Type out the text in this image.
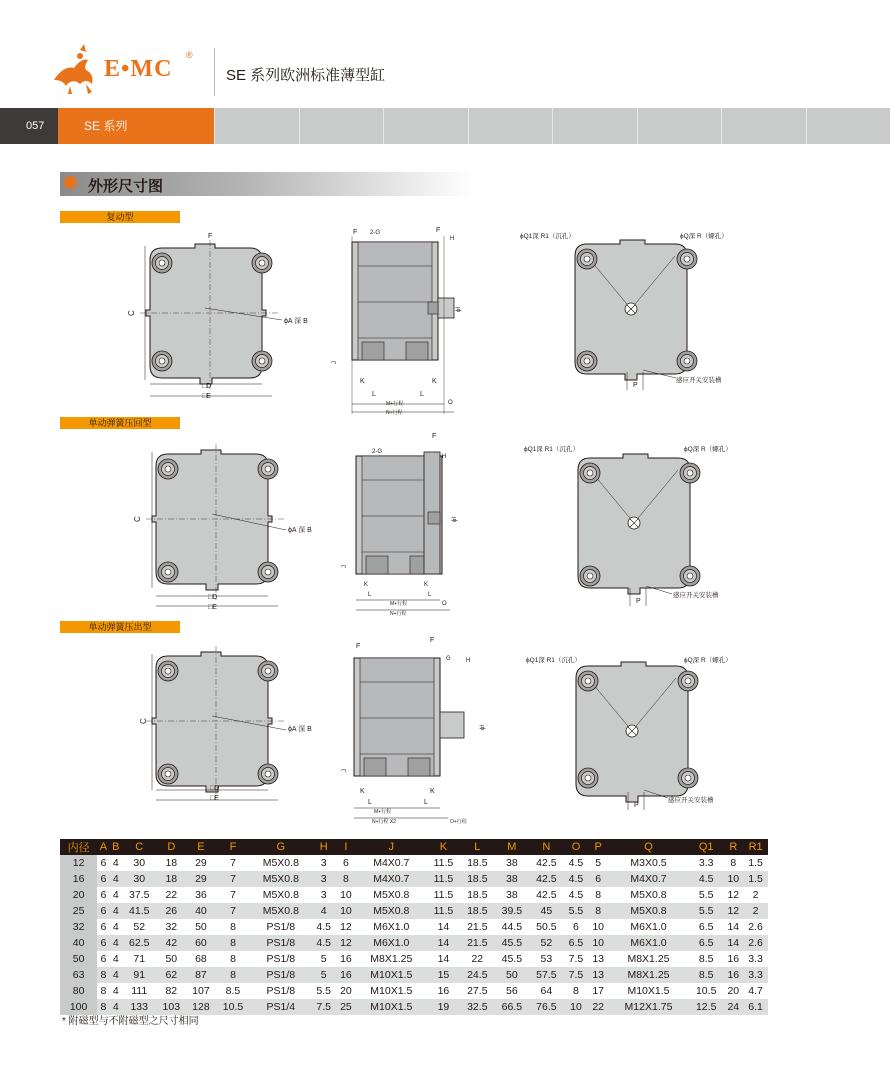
E•MC
®
SE 系列欧洲标准薄型缸
057	SE 系列
外形尺寸图
复动型
单动弹簧压回型
单动弹簧压出型
F
C
ϕA 深 B
□D
□E
F 2-G	F
H
ϕI
J
K	K
L	L
M+行程
N+行程
O
ϕQ1深 R1（沉孔）	ϕQ深 R（螺孔）
P
感应开关安装槽
C
ϕA 深 B
□D
□E
F
2-G
H
ϕI
J
K	K
L	L
M+行程
N+行程
O
ϕQ1深 R1（沉孔）	ϕQ深 R（螺孔）
P
感应开关安装槽
C
ϕA 深 B
□D
□E
F
F
G	H
ϕI
J
K	K
L	L
M+行程
N+行程 X2	O+行程
ϕQ1深 R1（沉孔）	ϕQ深 R（螺孔）
P
感应开关安装槽
内径	A	B	C	D	E	F	G	H	I	J	K	L	M	N	O	P	Q	Q1	R	R1
12	6	4	30	18	29	7	M5X0.8	3	6	M4X0.7	11.5	18.5	38	42.5	4.5	5	M3X0.5	3.3	8	1.5
16	6	4	30	18	29	7	M5X0.8	3	8	M4X0.7	11.5	18.5	38	42.5	4.5	6	M4X0.7	4.5	10	1.5
20	6	4	37.5	22	36	7	M5X0.8	3	10	M5X0.8	11.5	18.5	38	42.5	4.5	8	M5X0.8	5.5	12	2
25	6	4	41.5	26	40	7	M5X0.8	4	10	M5X0.8	11.5	18.5	39.5	45	5.5	8	M5X0.8	5.5	12	2
32	6	4	52	32	50	8	PS1/8	4.5	12	M6X1.0	14	21.5	44.5	50.5	6	10	M6X1.0	6.5	14	2.6
40	6	4	62.5	42	60	8	PS1/8	4.5	12	M6X1.0	14	21.5	45.5	52	6.5	10	M6X1.0	6.5	14	2.6
50	6	4	71	50	68	8	PS1/8	5	16	M8X1.25	14	22	45.5	53	7.5	13	M8X1.25	8.5	16	3.3
63	8	4	91	62	87	8	PS1/8	5	16	M10X1.5	15	24.5	50	57.5	7.5	13	M8X1.25	8.5	16	3.3
80	8	4	111	82	107	8.5	PS1/8	5.5	20	M10X1.5	16	27.5	56	64	8	17	M10X1.5	10.5	20	4.7
100	8	4	133	103	128	10.5	PS1/4	7.5	25	M10X1.5	19	32.5	66.5	76.5	10	22	M12X1.75	12.5	24	6.1
* 附磁型与不附磁型之尺寸相同
